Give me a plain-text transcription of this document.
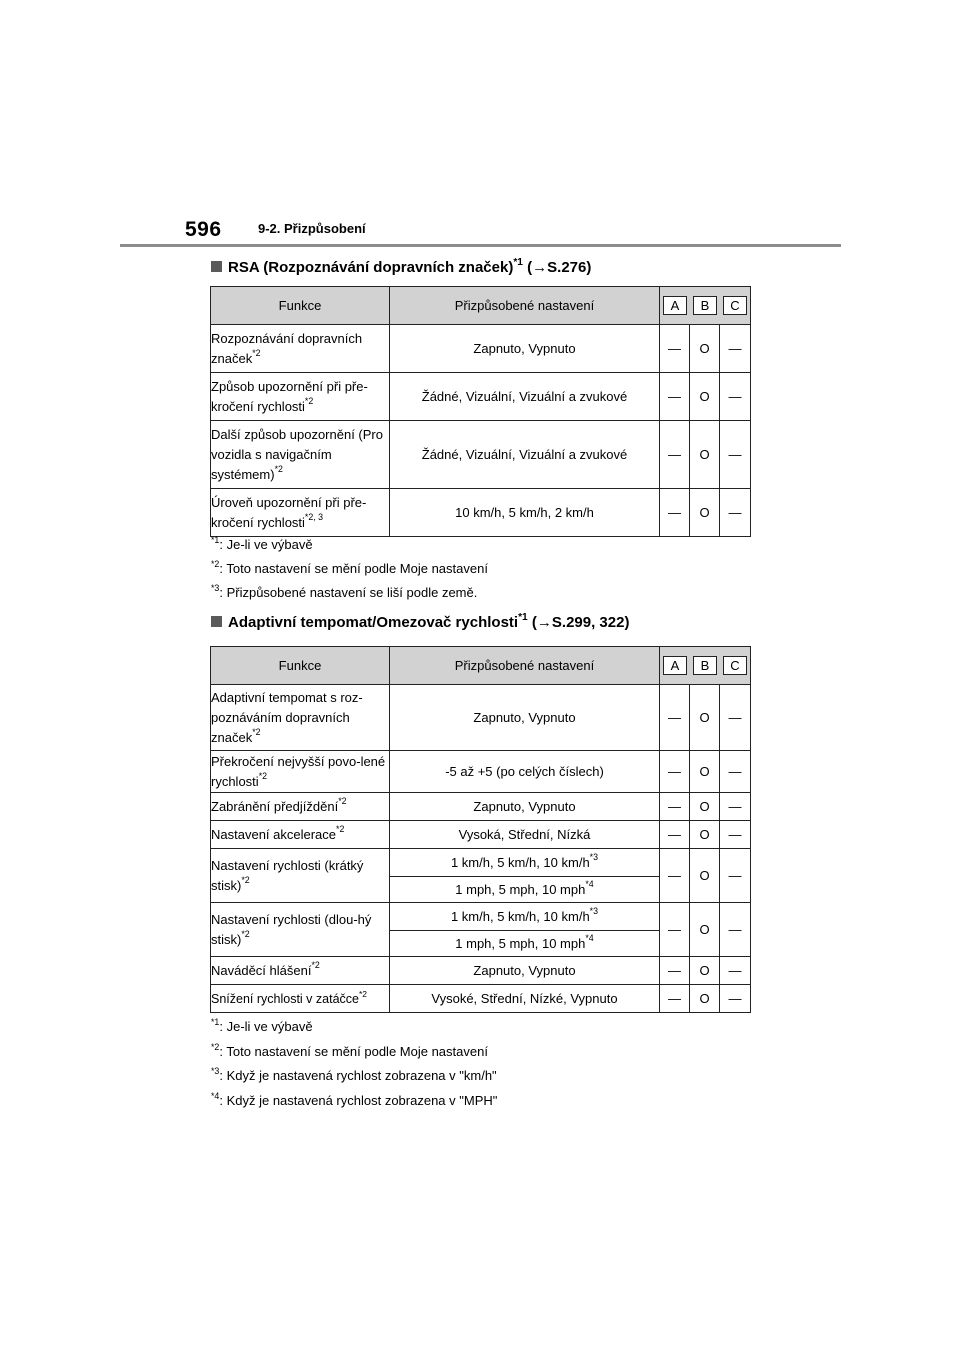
596	9-2. Přizpůsobení
RSA (Rozpoznávání dopravních značek)$^{*1}$ (→S.276)
Funkce	Přizpůsobené nastavení	A B C		

Rozpoznávání dopravních značek$^{*2}$	Zapnuto, Vypnuto	—	O	—
Způsob upozornění při pře-kročení rychlosti$^{*2}$	Žádné, Vizuální, Vizuální a zvukové	—	O	—
Další způsob upozornění (Pro vozidla s navigačním systémem)$^{*2}$	Žádné, Vizuální, Vizuální a zvukové	—	O	—
Úroveň upozornění při pře-kročení rychlosti$^{*2, 3}$	10 km/h, 5 km/h, 2 km/h	—	O	—
$^{*1}$: Je-li ve výbavě
$^{*2}$: Toto nastavení se mění podle Moje nastavení
$^{*3}$: Přizpůsobené nastavení se liší podle země.
Adaptivní tempomat/Omezovač rychlosti$^{*1}$ (→S.299, 322)
Funkce	Přizpůsobené nastavení	A B C		

Adaptivní tempomat s roz-poznáváním dopravních značek$^{*2}$	Zapnuto, Vypnuto	—	O	—
Překročení nejvyšší povo-lené rychlosti$^{*2}$	-5 až +5 (po celých číslech)	—	O	—
Zabránění předjíždění$^{*2}$	Zapnuto, Vypnuto	—	O	—
Nastavení akcelerace$^{*2}$	Vysoká, Střední, Nízká	—	O	—
Nastavení rychlosti (krátký stisk)$^{*2}$	1 km/h, 5 km/h, 10 $km/h^{*3}$	—	O	—
	1 mph, 5 mph, 10 mph$^{*4}$
Nastavení rychlosti (dlou-hý stisk)$^{*2}$	1 km/h, 5 km/h, 10 $km/h^{*3}$	—	O	—
	1 mph, 5 mph, 10 mph$^{*4}$
Naváděcí hlášení$^{*2}$	Zapnuto, Vypnuto	—	O	—
Snížení rychlosti v zatáčce$^{*2}$	Vysoké, Střední, Nízké, Vypnuto	—	O	—
$^{*1}$: Je-li ve výbavě
$^{*2}$: Toto nastavení se mění podle Moje nastavení
$^{*3}$: Když je nastavená rychlost zobrazena v "km/h"
$^{*4}$: Když je nastavená rychlost zobrazena v "MPH"
